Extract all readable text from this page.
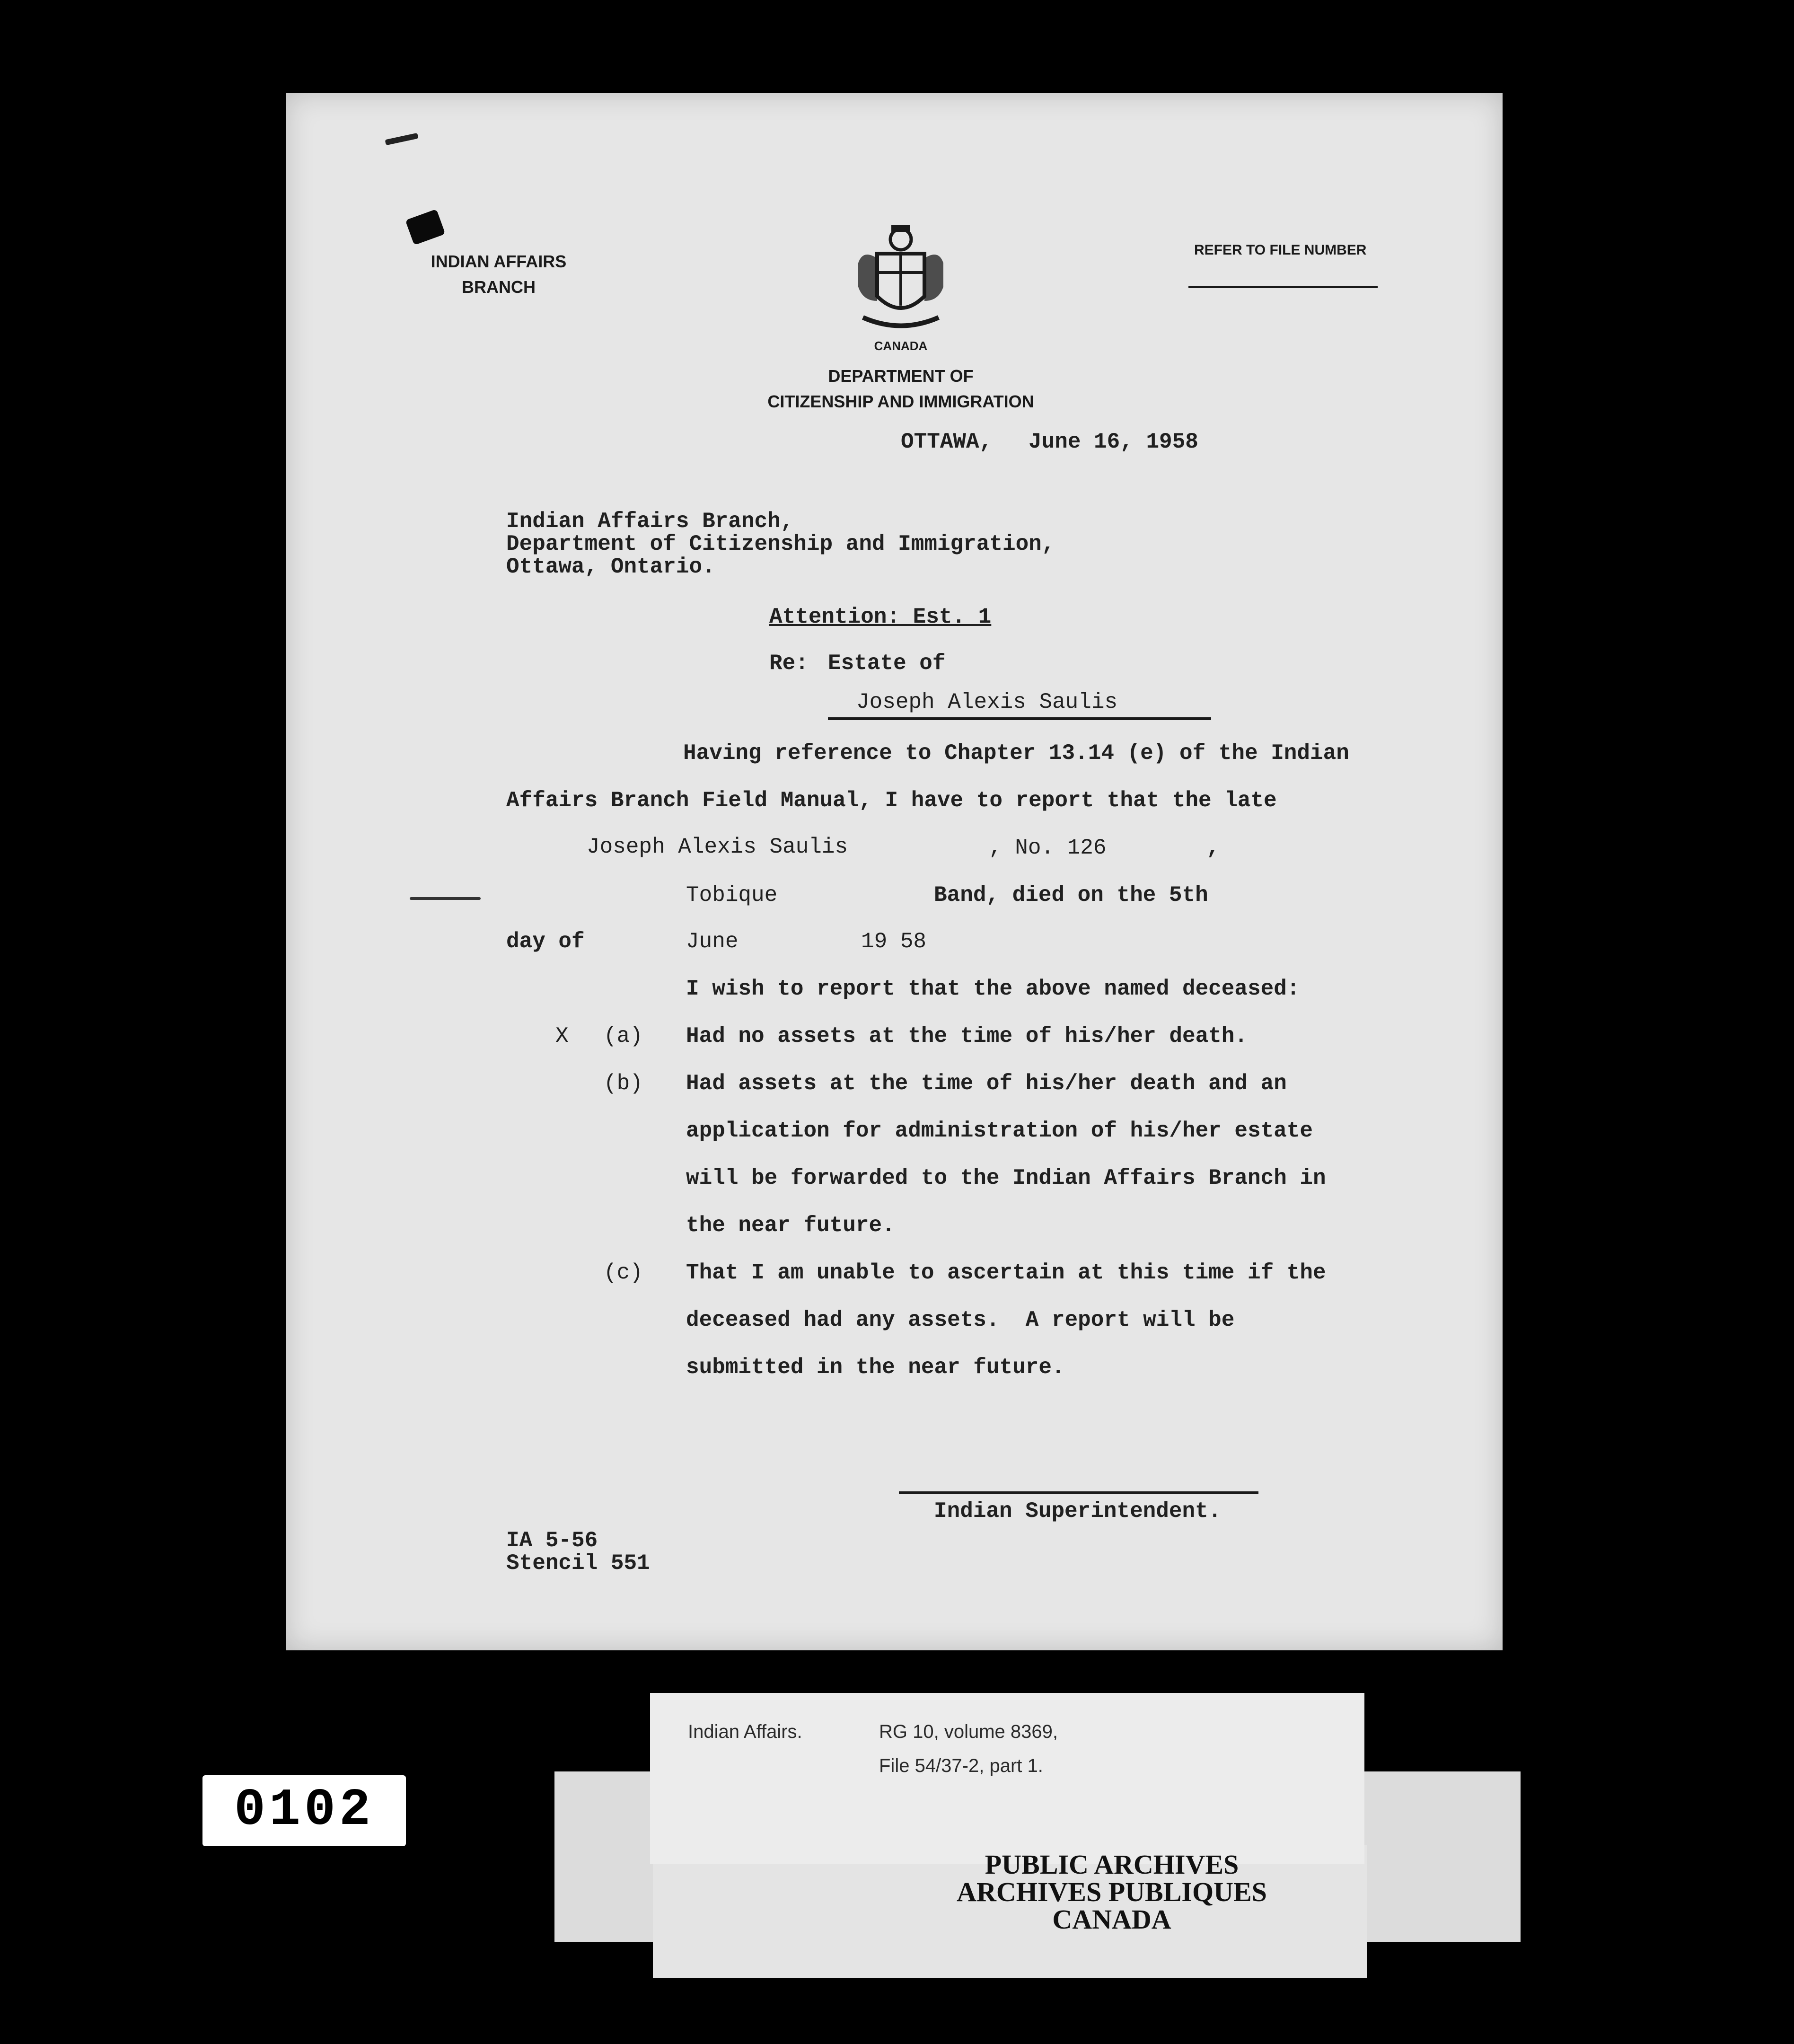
INDIAN AFFAIRS
BRANCH
CANADA
DEPARTMENT OF
CITIZENSHIP AND IMMIGRATION
REFER TO FILE NUMBER
OTTAWA, June 16, 1958
Indian Affairs Branch,
Department of Citizenship and Immigration,
Ottawa, Ontario.
Attention: Est. 1
Re: Estate of
Joseph Alexis Saulis
Having reference to Chapter 13.14 (e) of the Indian
Affairs Branch Field Manual, I have to report that the late
Joseph Alexis Saulis	, No. 126	,
Tobique	Band, died on the 5th
day of	June	19 58
I wish to report that the above named deceased:
X (a) Had no assets at the time of his/her death.
(b) Had assets at the time of his/her death and an
application for administration of his/her estate
will be forwarded to the Indian Affairs Branch in
the near future.
(c) That I am unable to ascertain at this time if the
deceased had any assets.  A report will be
submitted in the near future.
Indian Superintendent.
IA 5-56
Stencil 551
0102
Indian Affairs.	RG 10, volume 8369,
File 54/37-2, part 1.
PUBLIC ARCHIVES
ARCHIVES PUBLIQUES
CANADA
